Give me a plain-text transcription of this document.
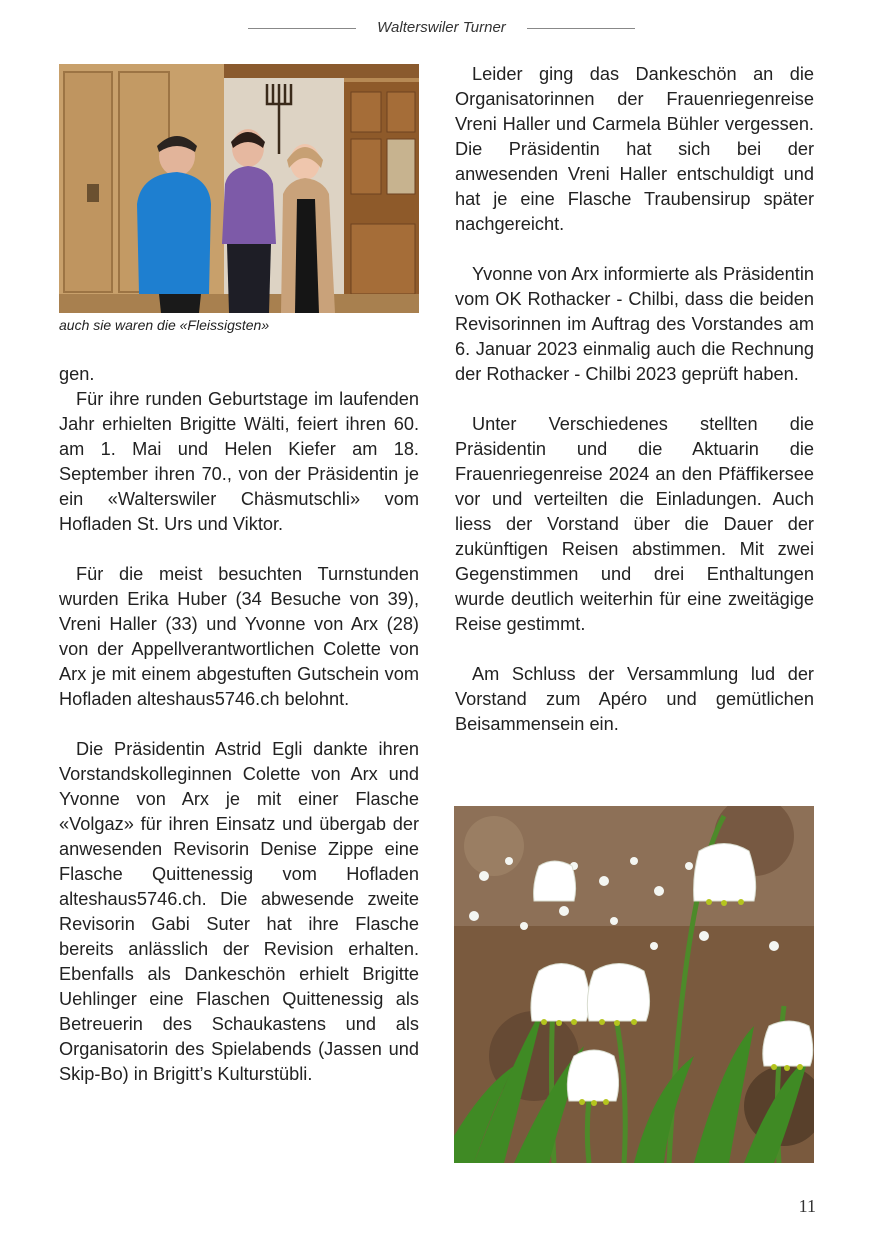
Walterswiler Turner
auch sie waren die «Fleissigsten»

gen.

Für ihre runden Geburtstage im laufenden Jahr erhielten Brigitte Wälti, feiert ihren 60. am 1. Mai und Helen Kiefer am 18. September ihren 70., von der Präsidentin je ein «Walterswiler Chäsmutschli» vom Hofladen St. Urs und Viktor.

Für die meist besuchten Turnstunden wurden Erika Huber (34 Besuche von 39), Vreni Haller (33) und Yvonne von Arx (28) von der Appellverantwortlichen Colette von Arx je mit einem abgestuften Gutschein vom Hofladen alteshaus5746.ch belohnt.

Die Präsidentin Astrid Egli dankte ihren Vorstandskolleginnen Colette von Arx und Yvonne von Arx je mit einer Flasche «Volgaz» für ihren Einsatz und übergab der anwesenden Revisorin Denise Zippe eine Flasche Quittenessig vom Hofladen alteshaus5746.ch. Die abwesende zweite Revisorin Gabi Suter hat ihre Flasche bereits anlässlich der Revision erhalten. Ebenfalls als Dankeschön erhielt Brigitte Uehlinger eine Flaschen Quittenessig als Betreuerin des Schaukastens und als Organisatorin des Spielabends (Jassen und Skip-Bo) in Brigitt’s Kulturstübli.

Leider ging das Dankeschön an die Organisatorinnen der Frauenriegenreise Vreni Haller und Carmela Bühler vergessen. Die Präsidentin hat sich bei der anwesenden Vreni Haller entschuldigt und hat je eine Flasche Traubensirup später nachgereicht.

Yvonne von Arx informierte als Präsidentin vom OK Rothacker - Chilbi, dass die beiden Revisorinnen im Auftrag des Vorstandes am 6. Januar 2023 einmalig auch die Rechnung der Rothacker - Chilbi 2023 geprüft haben.

Unter Verschiedenes stellten die Präsidentin und die Aktuarin die Frauenriegenreise 2024 an den Pfäffikersee vor und verteilten die Einladungen. Auch liess der Vorstand über die Dauer der zukünftigen Reisen abstimmen. Mit zwei Gegenstimmen und drei Enthaltungen wurde deutlich weiterhin für eine zweitägige Reise gestimmt.

Am Schluss der Versammlung lud der Vorstand zum Apéro und gemütlichen Beisammensein ein.

11
